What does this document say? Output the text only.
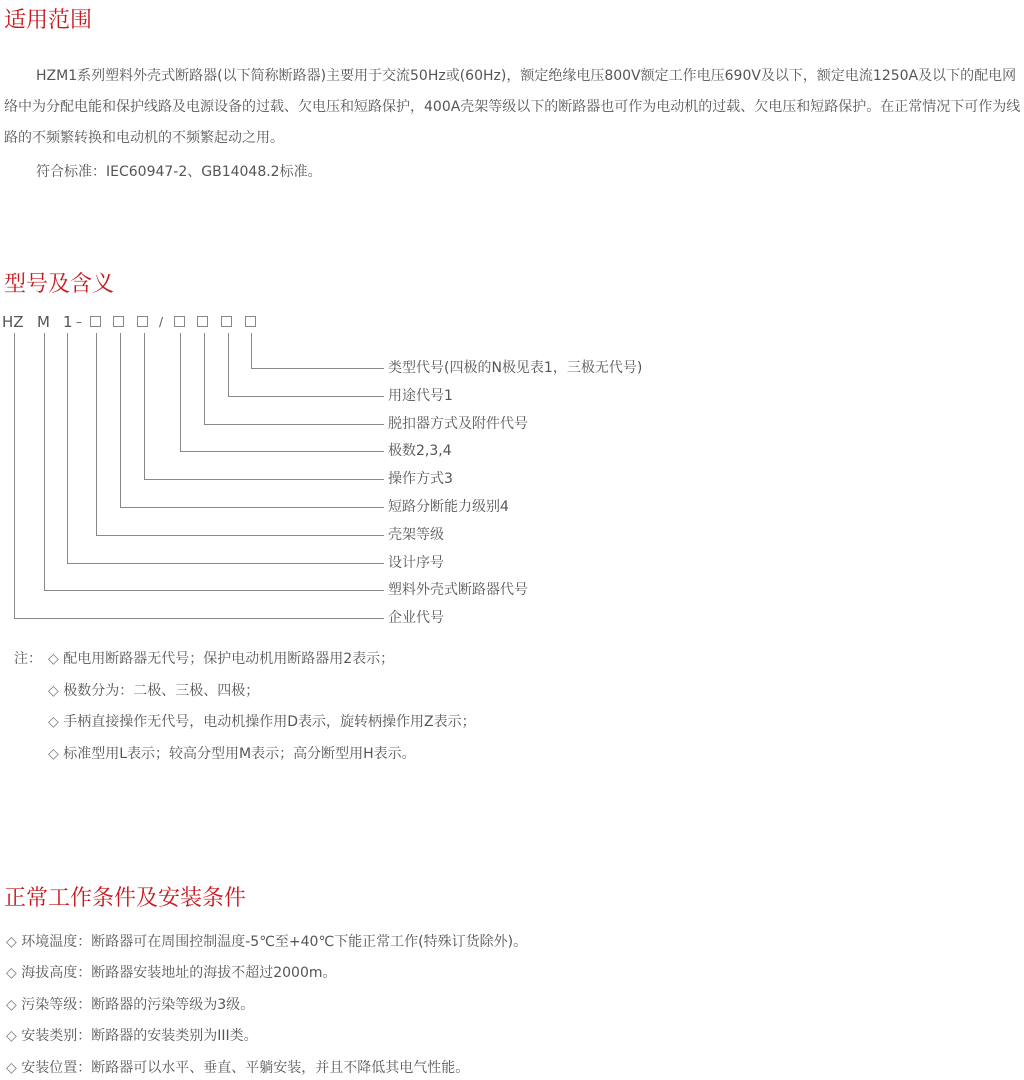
适用范围

HZM1系列塑料外壳式断路器(以下简称断路器)主要用于交流50Hz或(60Hz)，额定绝缘电压800V额定工作电压690V及以下，额定电流1250A及以下的配电网络中为分配电能和保护线路及电源设备的过载、欠电压和短路保护，400A壳架等级以下的断路器也可作为电动机的过载、欠电压和短路保护。在正常情况下可作为线路的不频繁转换和电动机的不频繁起动之用。

符合标准：IEC60947-2、GB14048.2标准。

型号及含义
HZ M 1 –	/
类型代号(四极的N极见表1，三极无代号)
用途代号1
脱扣器方式及附件代号
极数2,3,4
操作方式3
短路分断能力级别4
壳架等级
设计序号
塑料外壳式断路器代号
企业代号
注： ◇ 配电用断路器无代号；保护电动机用断路器用2表示；
◇ 极数分为：二极、三极、四极；
◇ 手柄直接操作无代号，电动机操作用D表示，旋转柄操作用Z表示；
◇ 标准型用L表示；较高分型用M表示；高分断型用H表示。
正常工作条件及安装条件
◇ 环境温度：断路器可在周围控制温度-5℃至+40℃下能正常工作(特殊订货除外)。
◇ 海拔高度：断路器安装地址的海拔不超过2000m。
◇ 污染等级：断路器的污染等级为3级。
◇ 安装类别：断路器的安装类别为III类。
◇ 安装位置：断路器可以水平、垂直、平躺安装，并且不降低其电气性能。
